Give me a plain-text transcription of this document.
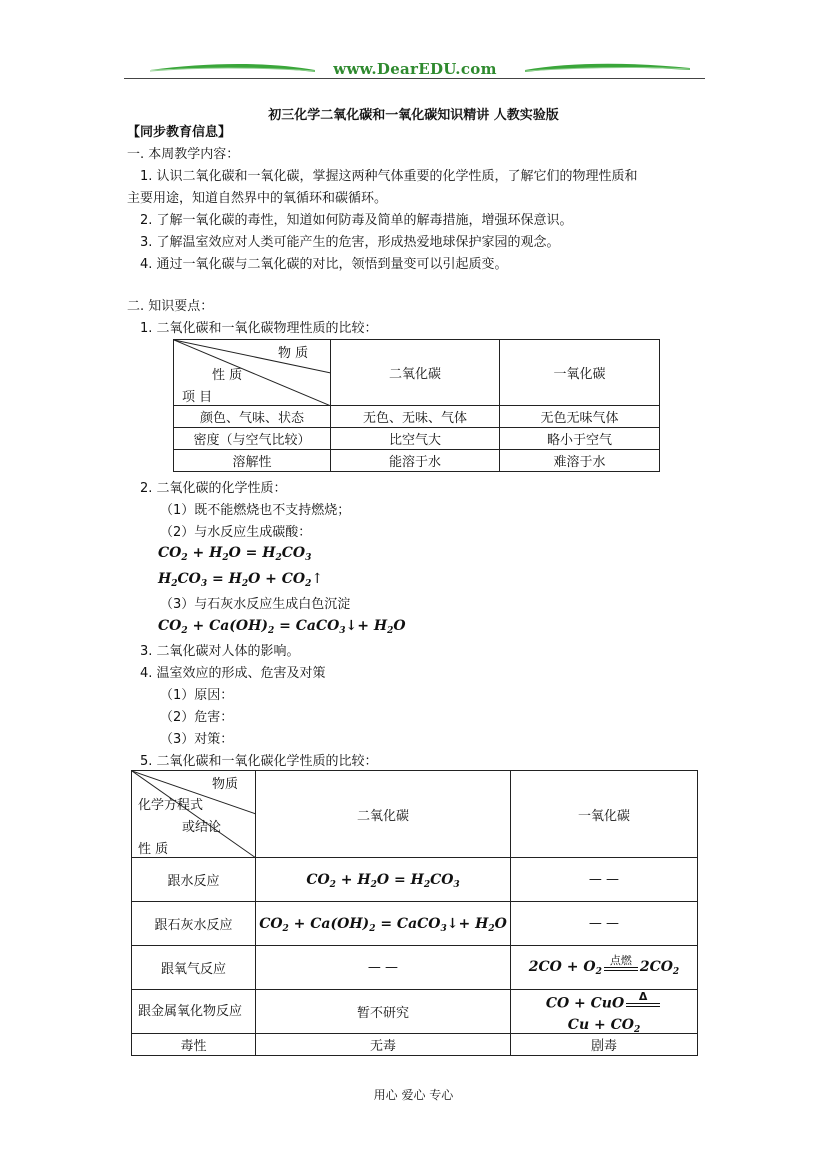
www.DearEDU.com
初三化学二氧化碳和一氧化碳知识精讲 人教实验版
【同步教育信息】
一. 本周教学内容：
1. 认识二氧化碳和一氧化碳，掌握这两种气体重要的化学性质，了解它们的物理性质和
主要用途，知道自然界中的氧循环和碳循环。
2. 了解一氧化碳的毒性，知道如何防毒及简单的解毒措施，增强环保意识。
3. 了解温室效应对人类可能产生的危害，形成热爱地球保护家园的观念。
4. 通过一氧化碳与二氧化碳的对比，领悟到量变可以引起质变。
二. 知识要点：
1. 二氧化碳和一氧化碳物理性质的比较：
物 质
性 质
项 目	二氧化碳	一氧化碳
颜色、气味、状态	无色、无味、气体	无色无味气体
密度（与空气比较）	比空气大	略小于空气
溶解性	能溶于水	难溶于水
2. 二氧化碳的化学性质：
（1）既不能燃烧也不支持燃烧；
（2）与水反应生成碳酸：
$CO_2 + H_2O = H_2CO_3$
$H_2CO_3 = H_2O$ + $CO_2↑$
（3）与石灰水反应生成白色沉淀
$CO_2 + Ca(OH)_2$ = CaCO$_3$↓+ $H_2O$
3. 二氧化碳对人体的影响。
4. 温室效应的形成、危害及对策
（1）原因：
（2）危害：
（3）对策：
5. 二氧化碳和一氧化碳化学性质的比较：
物质
化学方程式
或结论
性 质	二氧化碳	一氧化碳
跟水反应	$CO_2 + H_2O = H_2CO_3$	— —
跟石灰水反应	$CO_2 + Ca(OH)_2$ = CaCO$_3$↓+ $H_2O$	— —
跟氧气反应	— —	$2CO + O_2$
点燃 $2CO_2$
跟金属氧化物反应	暂不研究	CO + CuO Δ
$Cu + CO_2$
毒性	无毒	剧毒
用心 爱心 专心
